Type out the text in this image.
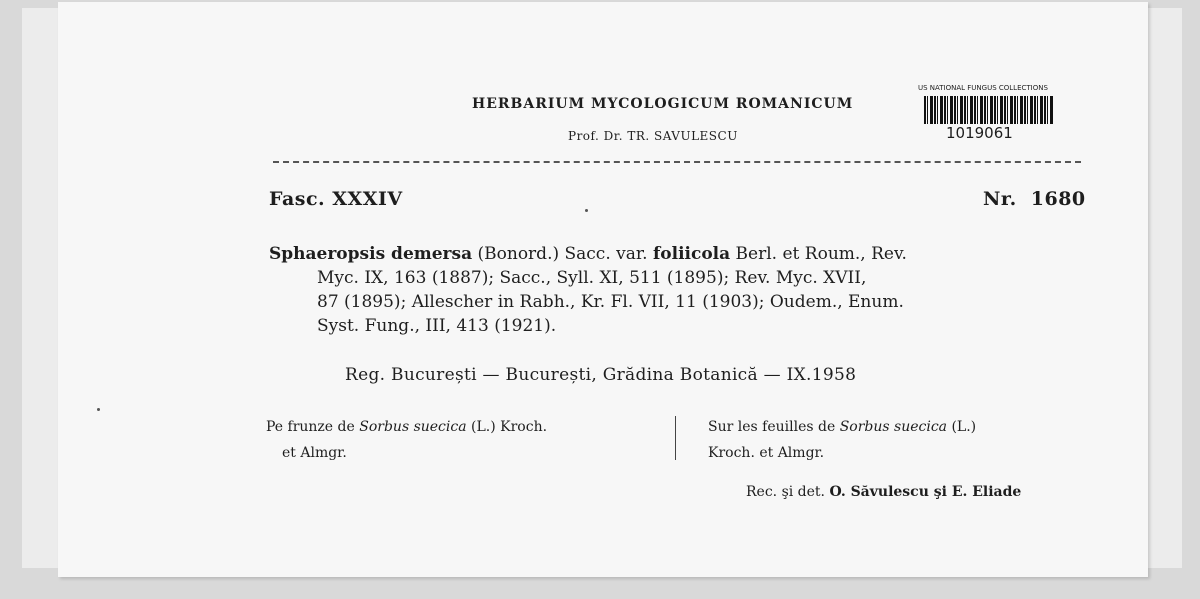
HERBARIUM MYCOLOGICUM ROMANICUM
Prof. Dr. TR. SAVULESCU
US NATIONAL FUNGUS COLLECTIONS
1019061
Fasc. XXXIV	Nr. 1680
Sphaeropsis demersa (Bonord.) Sacc. var. foliicola Berl. et Roum., Rev.
Myc. IX, 163 (1887); Sacc., Syll. XI, 511 (1895); Rev. Myc. XVII,
87 (1895); Allescher in Rabh., Kr. Fl. VII, 11 (1903); Oudem., Enum.
Syst. Fung., III, 413 (1921).
Reg. București — București, Grădina Botanică — IX.1958
Pe frunze de Sorbus suecica (L.) Kroch.
et Almgr.
Sur les feuilles de Sorbus suecica (L.)
Kroch. et Almgr.
Rec. şi det. O. Săvulescu şi E. Eliade
